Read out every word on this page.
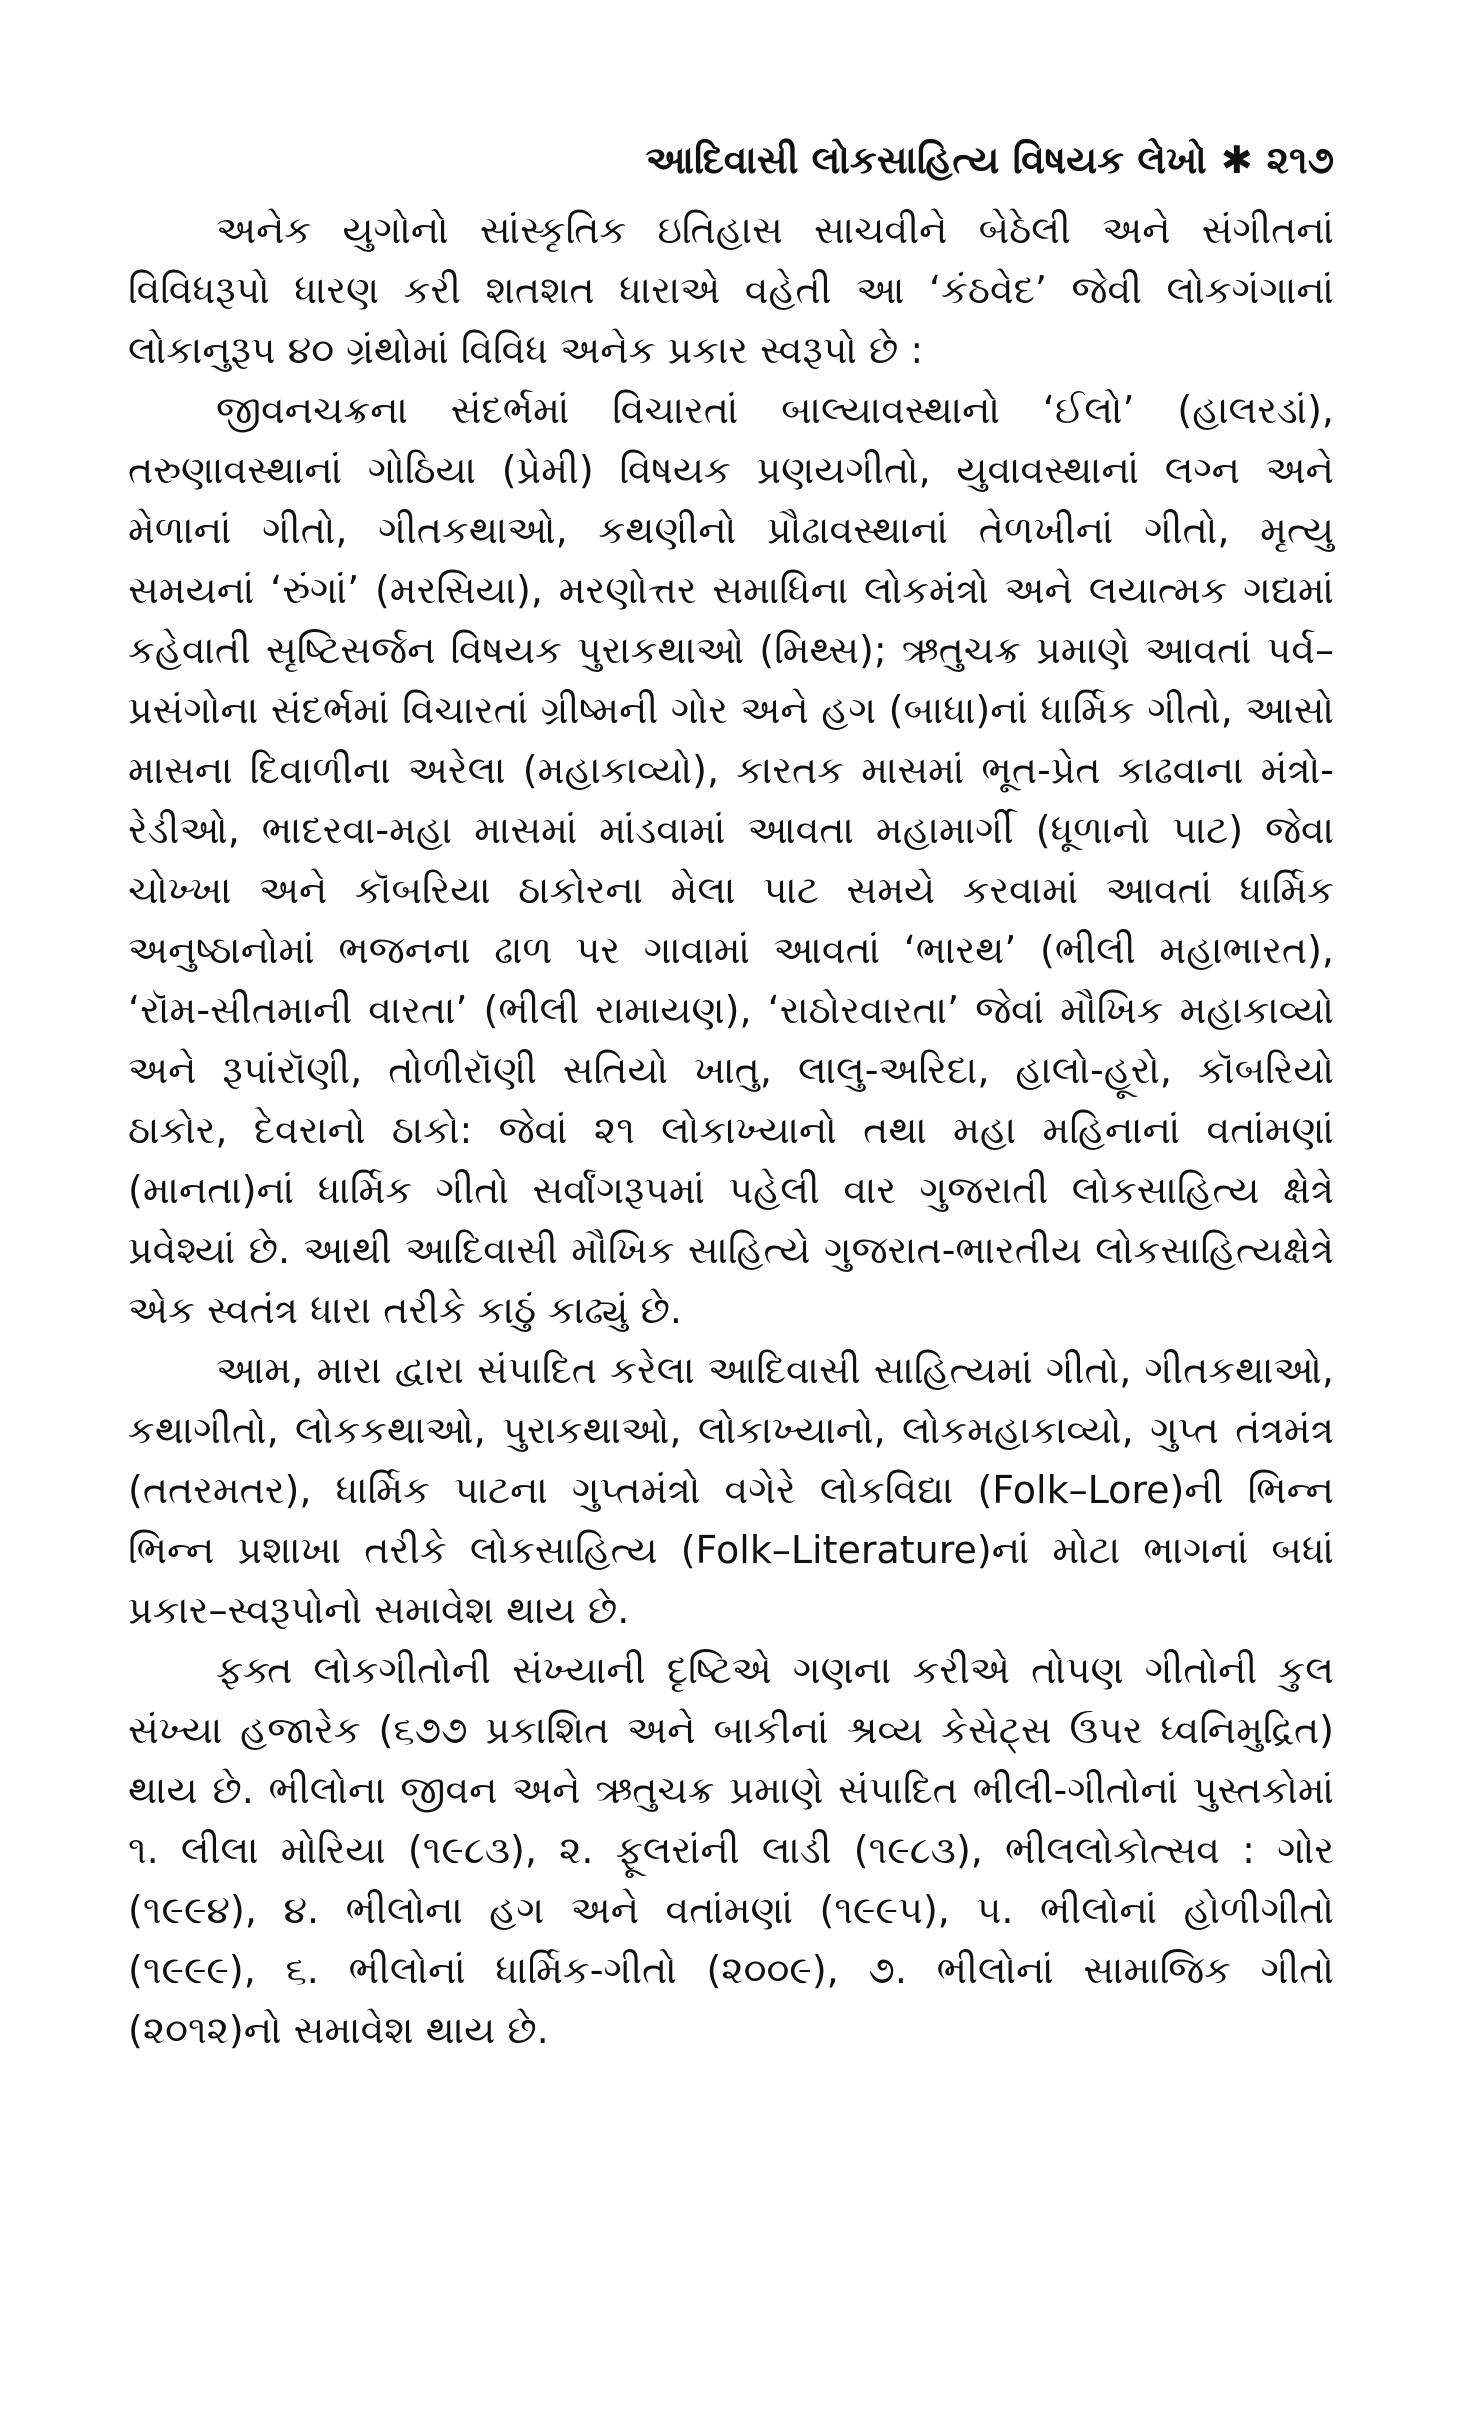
આદિવાસી લોકસાહિત્ય વિષયક લેખો ✱ ૨૧૭

અનેક યુગોનો સાંસ્કૃતિક ઇતિહાસ સાચવીને બેઠેલી અને સંગીતનાં વિવિધરૂપો ધારણ કરી શતશત ધારાએ વહેતી આ ‘કંઠવેદ’ જેવી લોકગંગાનાં લોકાનુરૂપ ૪૦ ગ્રંથોમાં વિવિધ અનેક પ્રકાર સ્વરૂપો છે :

જીવનચક્રના સંદર્ભમાં વિચારતાં બાલ્યાવસ્થાનો ‘ઈલો’ (હાલરડાં), તરુણાવસ્થાનાં ગોઠિયા (પ્રેમી) વિષયક પ્રણયગીતો, યુવાવસ્થાનાં લગ્ન અને મેળાનાં ગીતો, ગીતકથાઓ, કથણીનો પ્રૌઢાવસ્થાનાં તેળખીનાં ગીતો, મૃત્યુ સમયનાં ‘રુંગાં’ (મરસિયા), મરણોત્તર સમાધિના લોકમંત્રો અને લયાત્મક ગદ્યમાં કહેવાતી સૃષ્ટિસર્જન વિષયક પુરાકથાઓ (મિથ્સ); ઋતુચક્ર પ્રમાણે આવતાં પર્વ–પ્રસંગોના સંદર્ભમાં વિચારતાં ગ્રીષ્મની ગોર અને હગ (બાધા)નાં ધાર્મિક ગીતો, આસો માસના દિવાળીના અરેલા (મહાકાવ્યો), કારતક માસમાં ભૂત-પ્રેત કાઢવાના મંત્રો-રેડીઓ, ભાદરવા-મહા માસમાં માંડવામાં આવતા મહામાર્ગી (ધૂળાનો પાટ) જેવા ચોખ્ખા અને કૉબરિયા ઠાકોરના મેલા પાટ સમયે કરવામાં આવતાં ધાર્મિક અનુષ્ઠાનોમાં ભજનના ઢાળ પર ગાવામાં આવતાં ‘ભારથ’ (ભીલી મહાભારત), ‘રૉમ-સીતમાની વારતા’ (ભીલી રામાયણ), ‘રાઠોરવારતા’ જેવાં મૌખિક મહાકાવ્યો અને રૂપાંરૉણી, તોળીરૉણી સતિયો ખાતુ, લાલુ-અરિદા, હાલો-હૂરો, કૉબરિયો ઠાકોર, દેવરાનો ઠાકો: જેવાં ૨૧ લોકાખ્યાનો તથા મહા મહિનાનાં વતાંમણાં (માનતા)નાં ધાર્મિક ગીતો સર્વાંગરૂપમાં પહેલી વાર ગુજરાતી લોકસાહિત્ય ક્ષેત્રે પ્રવેશ્યાં છે. આથી આદિવાસી મૌખિક સાહિત્યે ગુજરાત-ભારતીય લોકસાહિત્યક્ષેત્રે એક સ્વતંત્ર ધારા તરીકે કાઠું કાઢ્યું છે.

આમ, મારા દ્વારા સંપાદિત કરેલા આદિવાસી સાહિત્યમાં ગીતો, ગીતકથાઓ, કથાગીતો, લોકકથાઓ, પુરાકથાઓ, લોકાખ્યાનો, લોકમહાકાવ્યો, ગુપ્ત તંત્રમંત્ર (તતરમતર), ધાર્મિક પાટના ગુપ્તમંત્રો વગેરે લોકવિદ્યા (Folk–Lore)ની ભિન્ન ભિન્ન પ્રશાખા તરીકે લોકસાહિત્ય (Folk–Literature)નાં મોટા ભાગનાં બધાં પ્રકાર–સ્વરૂપોનો સમાવેશ થાય છે.

ફક્ત લોકગીતોની સંખ્યાની દૃષ્ટિએ ગણના કરીએ તોપણ ગીતોની કુલ સંખ્યા હજારેક (૬૭૭ પ્રકાશિત અને બાકીનાં શ્રવ્ય કેસેટ્સ ઉપર ધ્વનિમુદ્રિત) થાય છે. ભીલોના જીવન અને ઋતુચક્ર પ્રમાણે સંપાદિત ભીલી-ગીતોનાં પુસ્તકોમાં ૧. લીલા મોરિયા (૧૯૮૩), ૨. ફૂલરાંની લાડી (૧૯૮૩), ભીલલોકોત્સવ : ગોર (૧૯૯૪), ૪. ભીલોના હગ અને વતાંમણાં (૧૯૯૫), ૫. ભીલોનાં હોળીગીતો (૧૯૯૯), ૬. ભીલોનાં ધાર્મિક-ગીતો (૨૦૦૯), ૭. ભીલોનાં સામાજિક ગીતો (૨૦૧૨)નો સમાવેશ થાય છે.
